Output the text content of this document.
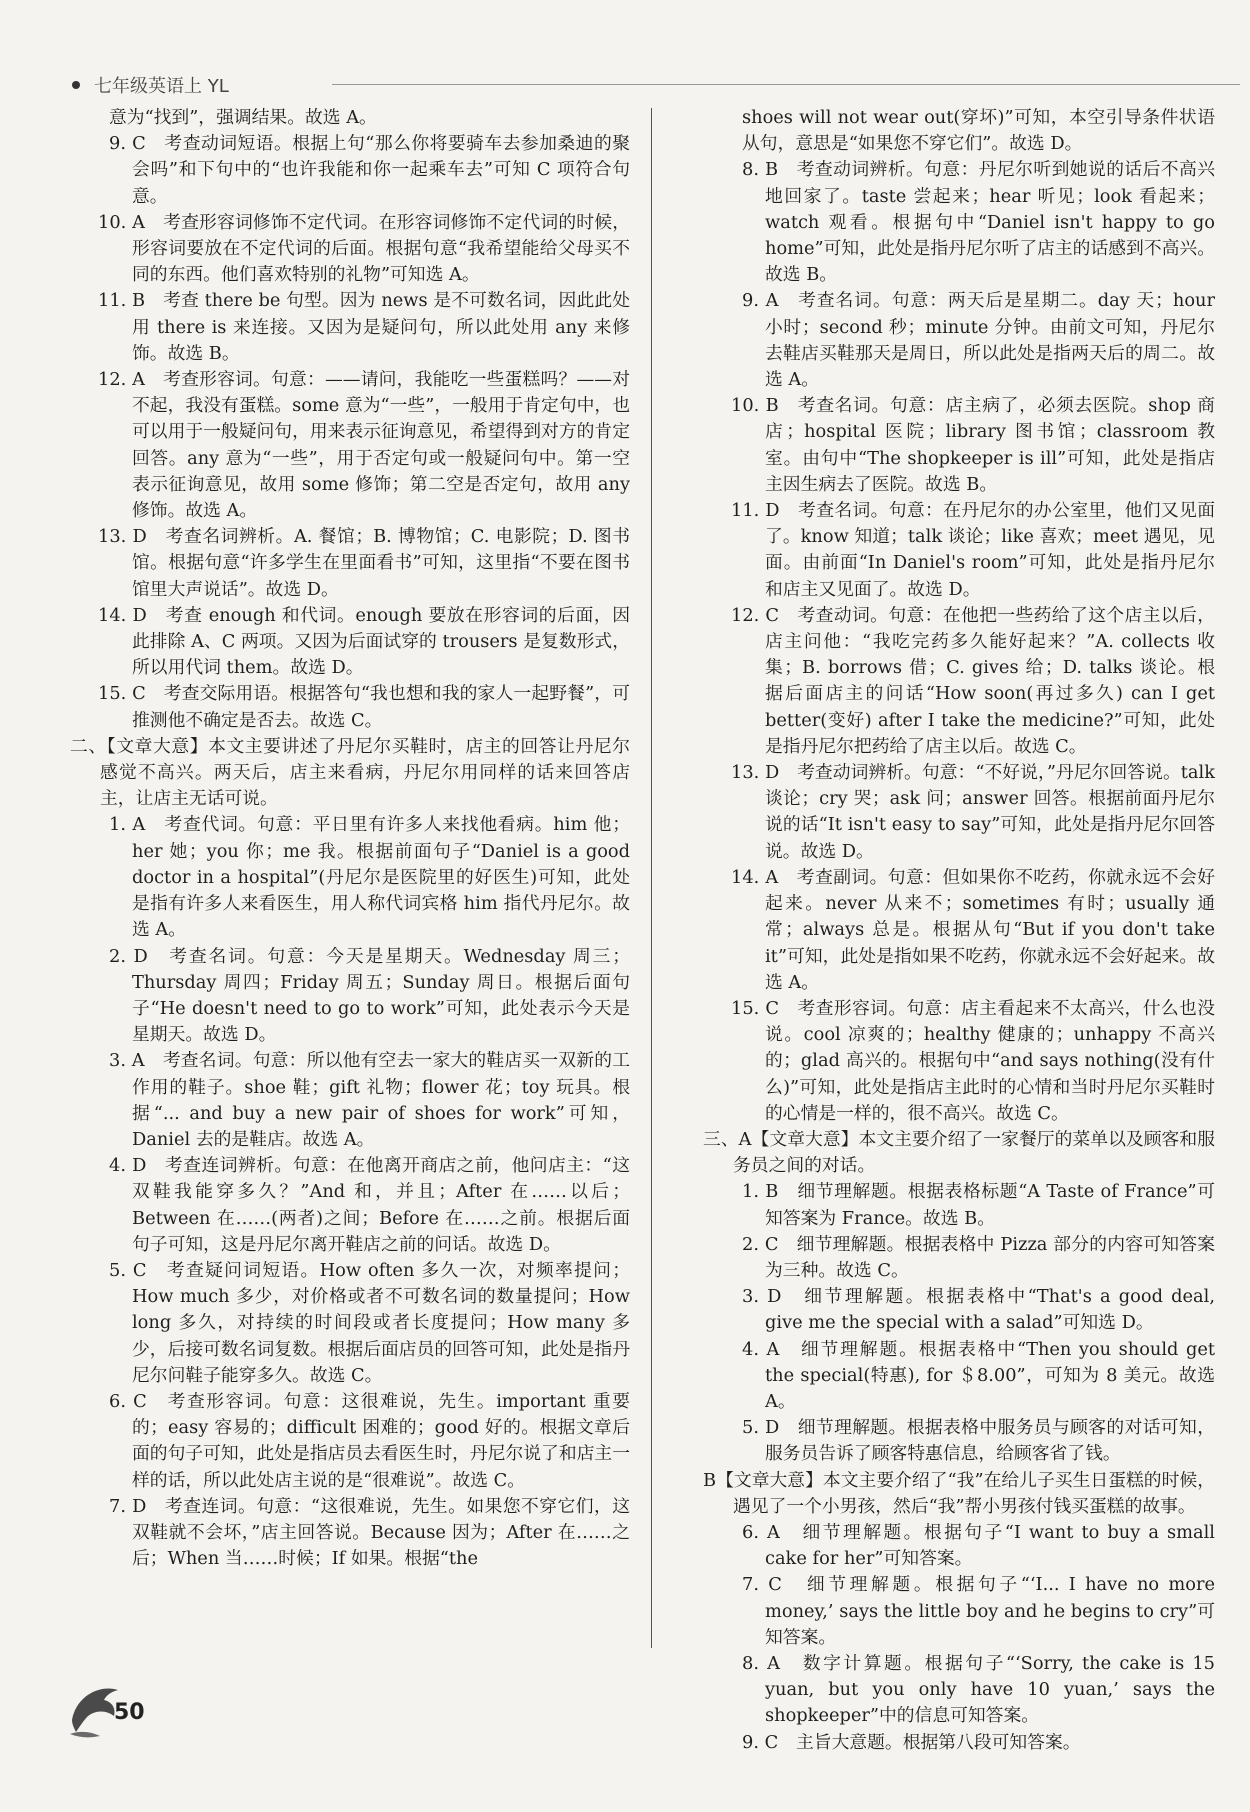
七年级英语上 YL

意为“找到”，强调结果。故选 A。

9. C　考查动词短语。根据上句“那么你将要骑车去参加桑迪的聚会吗”和下句中的“也许我能和你一起乘车去”可知 C 项符合句意。

10. A　考查形容词修饰不定代词。在形容词修饰不定代词的时候，形容词要放在不定代词的后面。根据句意“我希望能给父母买不同的东西。他们喜欢特别的礼物”可知选 A。

11. B　考查 there be 句型。因为 news 是不可数名词，因此此处用 there is 来连接。又因为是疑问句，所以此处用 any 来修饰。故选 B。

12. A　考查形容词。句意：——请问，我能吃一些蛋糕吗？——对不起，我没有蛋糕。some 意为“一些”，一般用于肯定句中，也可以用于一般疑问句，用来表示征询意见，希望得到对方的肯定回答。any 意为“一些”，用于否定句或一般疑问句中。第一空表示征询意见，故用 some 修饰；第二空是否定句，故用 any 修饰。故选 A。

13. D　考查名词辨析。A. 餐馆；B. 博物馆；C. 电影院；D. 图书馆。根据句意“许多学生在里面看书”可知，这里指“不要在图书馆里大声说话”。故选 D。

14. D　考查 enough 和代词。enough 要放在形容词的后面，因此排除 A、C 两项。又因为后面试穿的 trousers 是复数形式，所以用代词 them。故选 D。

15. C　考查交际用语。根据答句“我也想和我的家人一起野餐”，可推测他不确定是否去。故选 C。

二、【文章大意】本文主要讲述了丹尼尔买鞋时，店主的回答让丹尼尔感觉不高兴。两天后，店主来看病，丹尼尔用同样的话来回答店主，让店主无话可说。

1. A　考查代词。句意：平日里有许多人来找他看病。him 他；her 她；you 你；me 我。根据前面句子“Daniel is a good doctor in a hospital”(丹尼尔是医院里的好医生)可知，此处是指有许多人来看医生，用人称代词宾格 him 指代丹尼尔。故选 A。

2. D　考查名词。句意：今天是星期天。Wednesday 周三；Thursday 周四；Friday 周五；Sunday 周日。根据后面句子“He doesn't need to go to work”可知，此处表示今天是星期天。故选 D。

3. A　考查名词。句意：所以他有空去一家大的鞋店买一双新的工作用的鞋子。shoe 鞋；gift 礼物；flower 花；toy 玩具。根据“... and buy a new pair of shoes for work”可知，Daniel 去的是鞋店。故选 A。

4. D　考查连词辨析。句意：在他离开商店之前，他问店主：“这双鞋我能穿多久？”And 和，并且；After 在……以后；Between 在……(两者)之间；Before 在……之前。根据后面句子可知，这是丹尼尔离开鞋店之前的问话。故选 D。

5. C　考查疑问词短语。How often 多久一次，对频率提问；How much 多少，对价格或者不可数名词的数量提问；How long 多久，对持续的时间段或者长度提问；How many 多少，后接可数名词复数。根据后面店员的回答可知，此处是指丹尼尔问鞋子能穿多久。故选 C。

6. C　考查形容词。句意：这很难说，先生。important 重要的；easy 容易的；difficult 困难的；good 好的。根据文章后面的句子可知，此处是指店员去看医生时，丹尼尔说了和店主一样的话，所以此处店主说的是“很难说”。故选 C。

7. D　考查连词。句意：“这很难说，先生。如果您不穿它们，这双鞋就不会坏，”店主回答说。Because 因为；After 在……之后；When 当……时候；If 如果。根据“the

shoes will not wear out(穿坏)”可知，本空引导条件状语从句，意思是“如果您不穿它们”。故选 D。

8. B　考查动词辨析。句意：丹尼尔听到她说的话后不高兴地回家了。taste 尝起来；hear 听见；look 看起来；watch 观看。根据句中“Daniel isn't happy to go home”可知，此处是指丹尼尔听了店主的话感到不高兴。故选 B。

9. A　考查名词。句意：两天后是星期二。day 天；hour 小时；second 秒；minute 分钟。由前文可知，丹尼尔去鞋店买鞋那天是周日，所以此处是指两天后的周二。故选 A。

10. B　考查名词。句意：店主病了，必须去医院。shop 商店；hospital 医院；library 图书馆；classroom 教室。由句中“The shopkeeper is ill”可知，此处是指店主因生病去了医院。故选 B。

11. D　考查名词。句意：在丹尼尔的办公室里，他们又见面了。know 知道；talk 谈论；like 喜欢；meet 遇见，见面。由前面“In Daniel's room”可知，此处是指丹尼尔和店主又见面了。故选 D。

12. C　考查动词。句意：在他把一些药给了这个店主以后，店主问他：“我吃完药多久能好起来？”A. collects 收集；B. borrows 借；C. gives 给；D. talks 谈论。根据后面店主的问话“How soon(再过多久) can I get better(变好) after I take the medicine?”可知，此处是指丹尼尔把药给了店主以后。故选 C。

13. D　考查动词辨析。句意：“不好说，”丹尼尔回答说。talk 谈论；cry 哭；ask 问；answer 回答。根据前面丹尼尔说的话“It isn't easy to say”可知，此处是指丹尼尔回答说。故选 D。

14. A　考查副词。句意：但如果你不吃药，你就永远不会好起来。never 从来不；sometimes 有时；usually 通常；always 总是。根据从句“But if you don't take it”可知，此处是指如果不吃药，你就永远不会好起来。故选 A。

15. C　考查形容词。句意：店主看起来不太高兴，什么也没说。cool 凉爽的；healthy 健康的；unhappy 不高兴的；glad 高兴的。根据句中“and says nothing(没有什么)”可知，此处是指店主此时的心情和当时丹尼尔买鞋时的心情是一样的，很不高兴。故选 C。

三、A【文章大意】本文主要介绍了一家餐厅的菜单以及顾客和服务员之间的对话。

1. B　细节理解题。根据表格标题“A Taste of France”可知答案为 France。故选 B。

2. C　细节理解题。根据表格中 Pizza 部分的内容可知答案为三种。故选 C。

3. D　细节理解题。根据表格中“That's a good deal, give me the special with a salad”可知选 D。

4. A　细节理解题。根据表格中“Then you should get the special(特惠), for ＄8.00”，可知为 8 美元。故选 A。

5. D　细节理解题。根据表格中服务员与顾客的对话可知，服务员告诉了顾客特惠信息，给顾客省了钱。

B【文章大意】本文主要介绍了“我”在给儿子买生日蛋糕的时候，遇见了一个小男孩，然后“我”帮小男孩付钱买蛋糕的故事。

6. A　细节理解题。根据句子“I want to buy a small cake for her”可知答案。

7. C　细节理解题。根据句子“‘I... I have no more money,’ says the little boy and he begins to cry”可知答案。

8. A　数字计算题。根据句子“‘Sorry, the cake is 15 yuan, but you only have 10 yuan,’ says the shopkeeper”中的信息可知答案。

9. C　主旨大意题。根据第八段可知答案。

50
